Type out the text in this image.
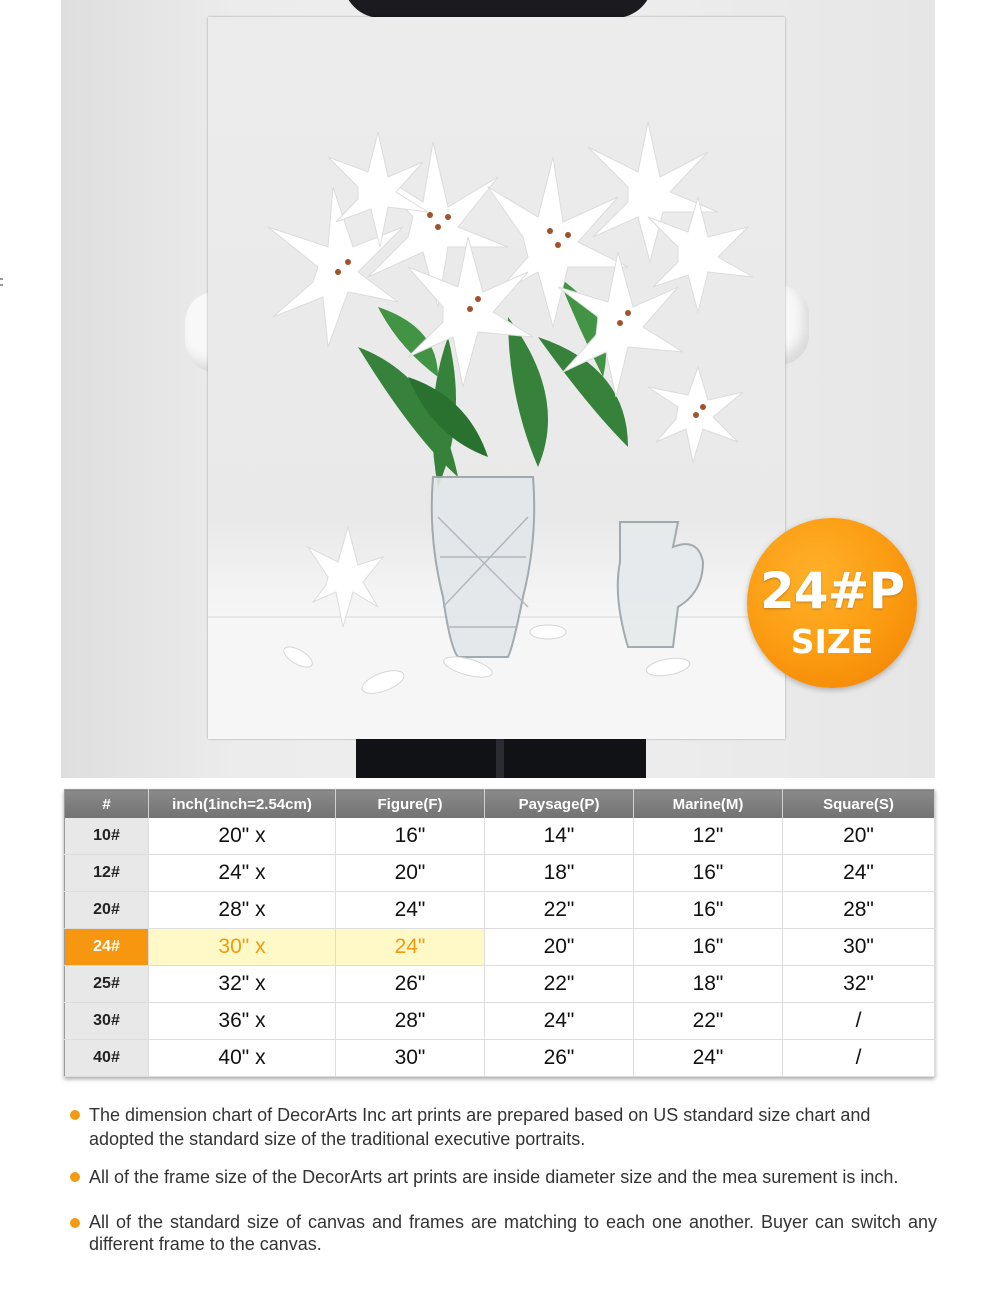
24#P
SIZE
#	inch(1inch=2.54cm)	Figure(F)	Paysage(P)	Marine(M)	Square(S)
10#	20" x	16"	14"	12"	20"
12#	24" x	20"	18"	16"	24"
20#	28" x	24"	22"	16"	28"
24#	30" x	24"	20"	16"	30"
25#	32" x	26"	22"	18"	32"
30#	36" x	28"	24"	22"	/
40#	40" x	30"	26"	24"	/
The dimension chart of DecorArts Inc art prints are prepared based on US standard size chart and adopted the standard size of the traditional executive portraits.
All of the frame size of the DecorArts art prints are inside diameter size and the mea surement is inch.
All of the standard size of canvas and frames are matching to each one another. Buyer can switch any different frame to the canvas.
